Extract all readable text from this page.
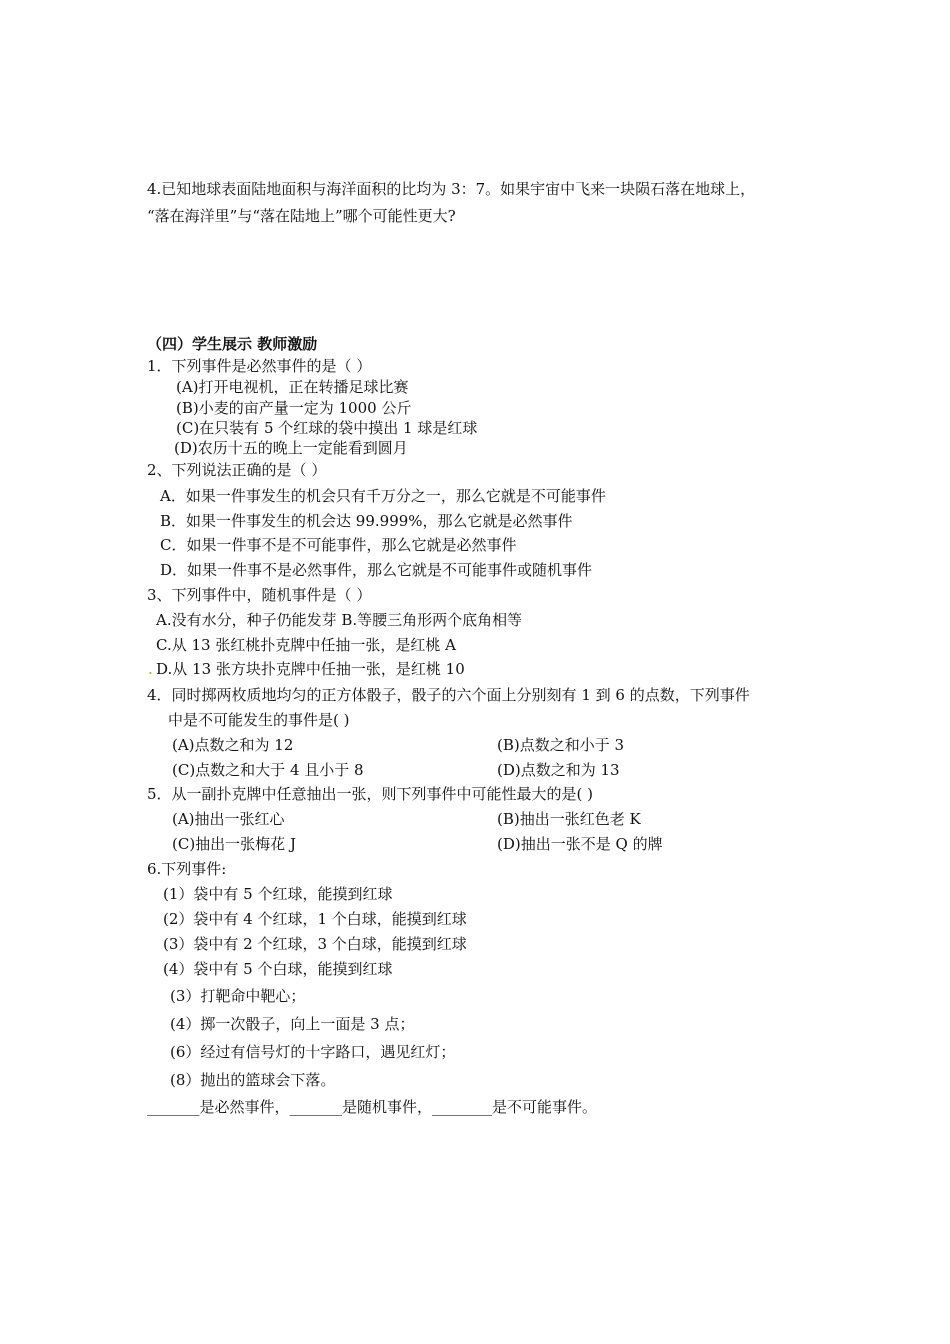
4.已知地球表面陆地面积与海洋面积的比均为 3：7。如果宇宙中飞来一块陨石落在地球上，
“落在海洋里”与“落在陆地上”哪个可能性更大?
（四）学生展示 教师激励
1．下列事件是必然事件的是（ ）
(A)打开电视机，正在转播足球比赛
(B)小麦的亩产量一定为 1000 公斤
(C)在只装有 5 个红球的袋中摸出 1 球是红球
(D)农历十五的晚上一定能看到圆月
2、下列说法正确的是（ ）
A．如果一件事发生的机会只有千万分之一，那么它就是不可能事件
B．如果一件事发生的机会达 99.999%，那么它就是必然事件
C．如果一件事不是不可能事件，那么它就是必然事件
D．如果一件事不是必然事件，那么它就是不可能事件或随机事件
3、下列事件中，随机事件是（ ）
A.没有水分，种子仍能发芽 B.等腰三角形两个底角相等
C.从 13 张红桃扑克牌中任抽一张，是红桃 A
. D.从 13 张方块扑克牌中任抽一张，是红桃 10
4．同时掷两枚质地均匀的正方体骰子，骰子的六个面上分别刻有 1 到 6 的点数，下列事件
中是不可能发生的事件是( )
(A)点数之和为 12	(B)点数之和小于 3
(C)点数之和大于 4 且小于 8	(D)点数之和为 13
5．从一副扑克牌中任意抽出一张，则下列事件中可能性最大的是( )
(A)抽出一张红心	(B)抽出一张红色老 K
(C)抽出一张梅花 J	(D)抽出一张不是 Q 的牌
6.下列事件:
(1）袋中有 5 个红球，能摸到红球
(2）袋中有 4 个红球，1 个白球，能摸到红球
(3）袋中有 2 个红球，3 个白球，能摸到红球
(4）袋中有 5 个白球，能摸到红球
(3）打靶命中靶心；
(4）掷一次骰子，向上一面是 3 点；
(6）经过有信号灯的十字路口，遇见红灯；
(8）抛出的篮球会下落。
_______是必然事件，_______是随机事件，________是不可能事件。
